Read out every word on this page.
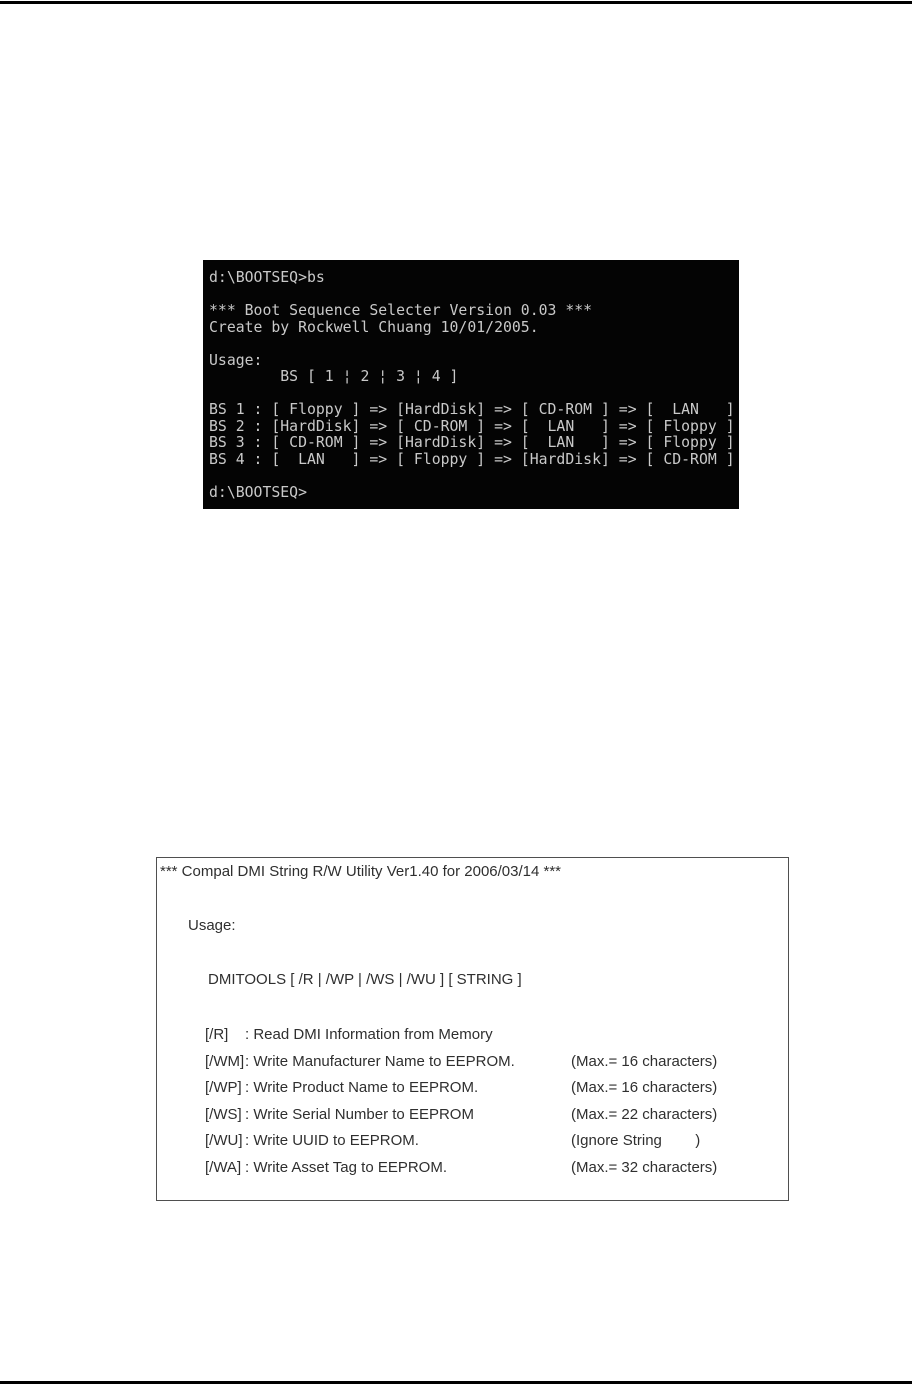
d:\BOOTSEQ>bs
*** Boot Sequence Selecter Version 0.03 ***
Create by Rockwell Chuang 10/01/2005.
Usage:
BS [ 1 ¦ 2 ¦ 3 ¦ 4 ]
BS 1 : [ Floppy ] => [HardDisk] => [ CD-ROM ] => [  LAN   ]
BS 2 : [HardDisk] => [ CD-ROM ] => [  LAN   ] => [ Floppy ]
BS 3 : [ CD-ROM ] => [HardDisk] => [  LAN   ] => [ Floppy ]
BS 4 : [  LAN   ] => [ Floppy ] => [HardDisk] => [ CD-ROM ]
d:\BOOTSEQ>
*** Compal DMI String R/W Utility Ver1.40 for 2006/03/14 ***
Usage:
DMITOOLS [ /R | /WP | /WS | /WU ] [ STRING ]
[/R]	: Read DMI Information from Memory
[/WM] : Write Manufacturer Name to EEPROM.	(Max.= 16 characters)
[/WP] : Write Product Name to EEPROM.	(Max.= 16 characters)
[/WS] : Write Serial Number to EEPROM	(Max.= 22 characters)
[/WU] : Write UUID to EEPROM.	(Ignore String        )
[/WA] : Write Asset Tag to EEPROM.	(Max.= 32 characters)
